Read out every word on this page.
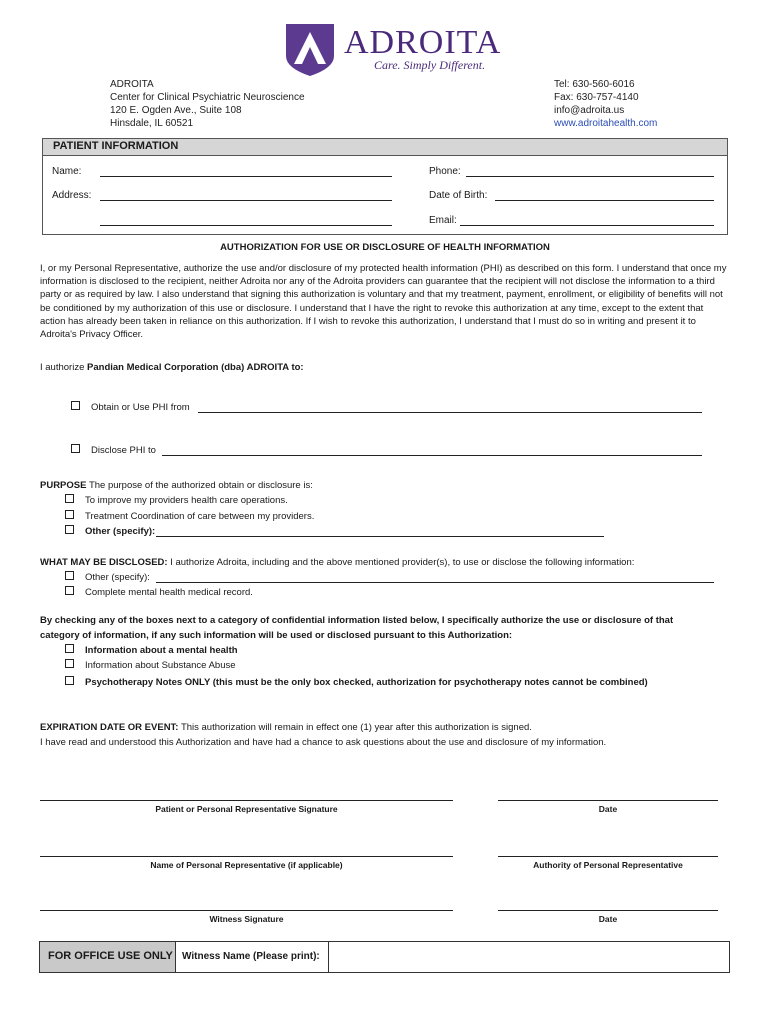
ADROITA
Care. Simply Different.
ADROITA
Center for Clinical Psychiatric Neuroscience
120 E. Ogden Ave., Suite 108
Hinsdale, IL 60521
Tel: 630-560-6016
Fax: 630-757-4140
info@adroita.us
www.adroitahealth.com
PATIENT INFORMATION
Name:	Phone:
Address:	Date of Birth:
Email:
AUTHORIZATION FOR USE OR DISCLOSURE OF HEALTH INFORMATION
I, or my Personal Representative, authorize the use and/or disclosure of my protected health information (PHI) as described on this form. I understand that once my information is disclosed to the recipient, neither Adroita nor any of the Adroita providers can guarantee that the recipient will not disclose the information to a third party or as required by law. I also understand that signing this authorization is voluntary and that my treatment, payment, enrollment, or eligibility of benefits will not be conditioned by my authorization of this use or disclosure. I understand that I have the right to revoke this authorization at any time, except to the extent that action has already been taken in reliance on this authorization. If I wish to revoke this authorization, I understand that I must do so in writing and present it to Adroita's Privacy Officer.
I authorize Pandian Medical Corporation (dba) ADROITA to:
Obtain or Use PHI from
Disclose PHI to
PURPOSE The purpose of the authorized obtain or disclosure is:
To improve my providers health care operations.
Treatment Coordination of care between my providers.
Other (specify):
WHAT MAY BE DISCLOSED: I authorize Adroita, including and the above mentioned provider(s), to use or disclose the following information:
Other (specify):
Complete mental health medical record.
By checking any of the boxes next to a category of confidential information listed below, I specifically authorize the use or disclosure of that
category of information, if any such information will be used or disclosed pursuant to this Authorization:
Information about a mental health
Information about Substance Abuse
Psychotherapy Notes ONLY (this must be the only box checked, authorization for psychotherapy notes cannot be combined)
EXPIRATION DATE OR EVENT: This authorization will remain in effect one (1) year after this authorization is signed.
I have read and understood this Authorization and have had a chance to ask questions about the use and disclosure of my information.
Patient or Personal Representative Signature	Date
Name of Personal Representative (if applicable)	Authority of Personal Representative
Witness Signature	Date
FOR OFFICE USE ONLY Witness Name (Please print):
